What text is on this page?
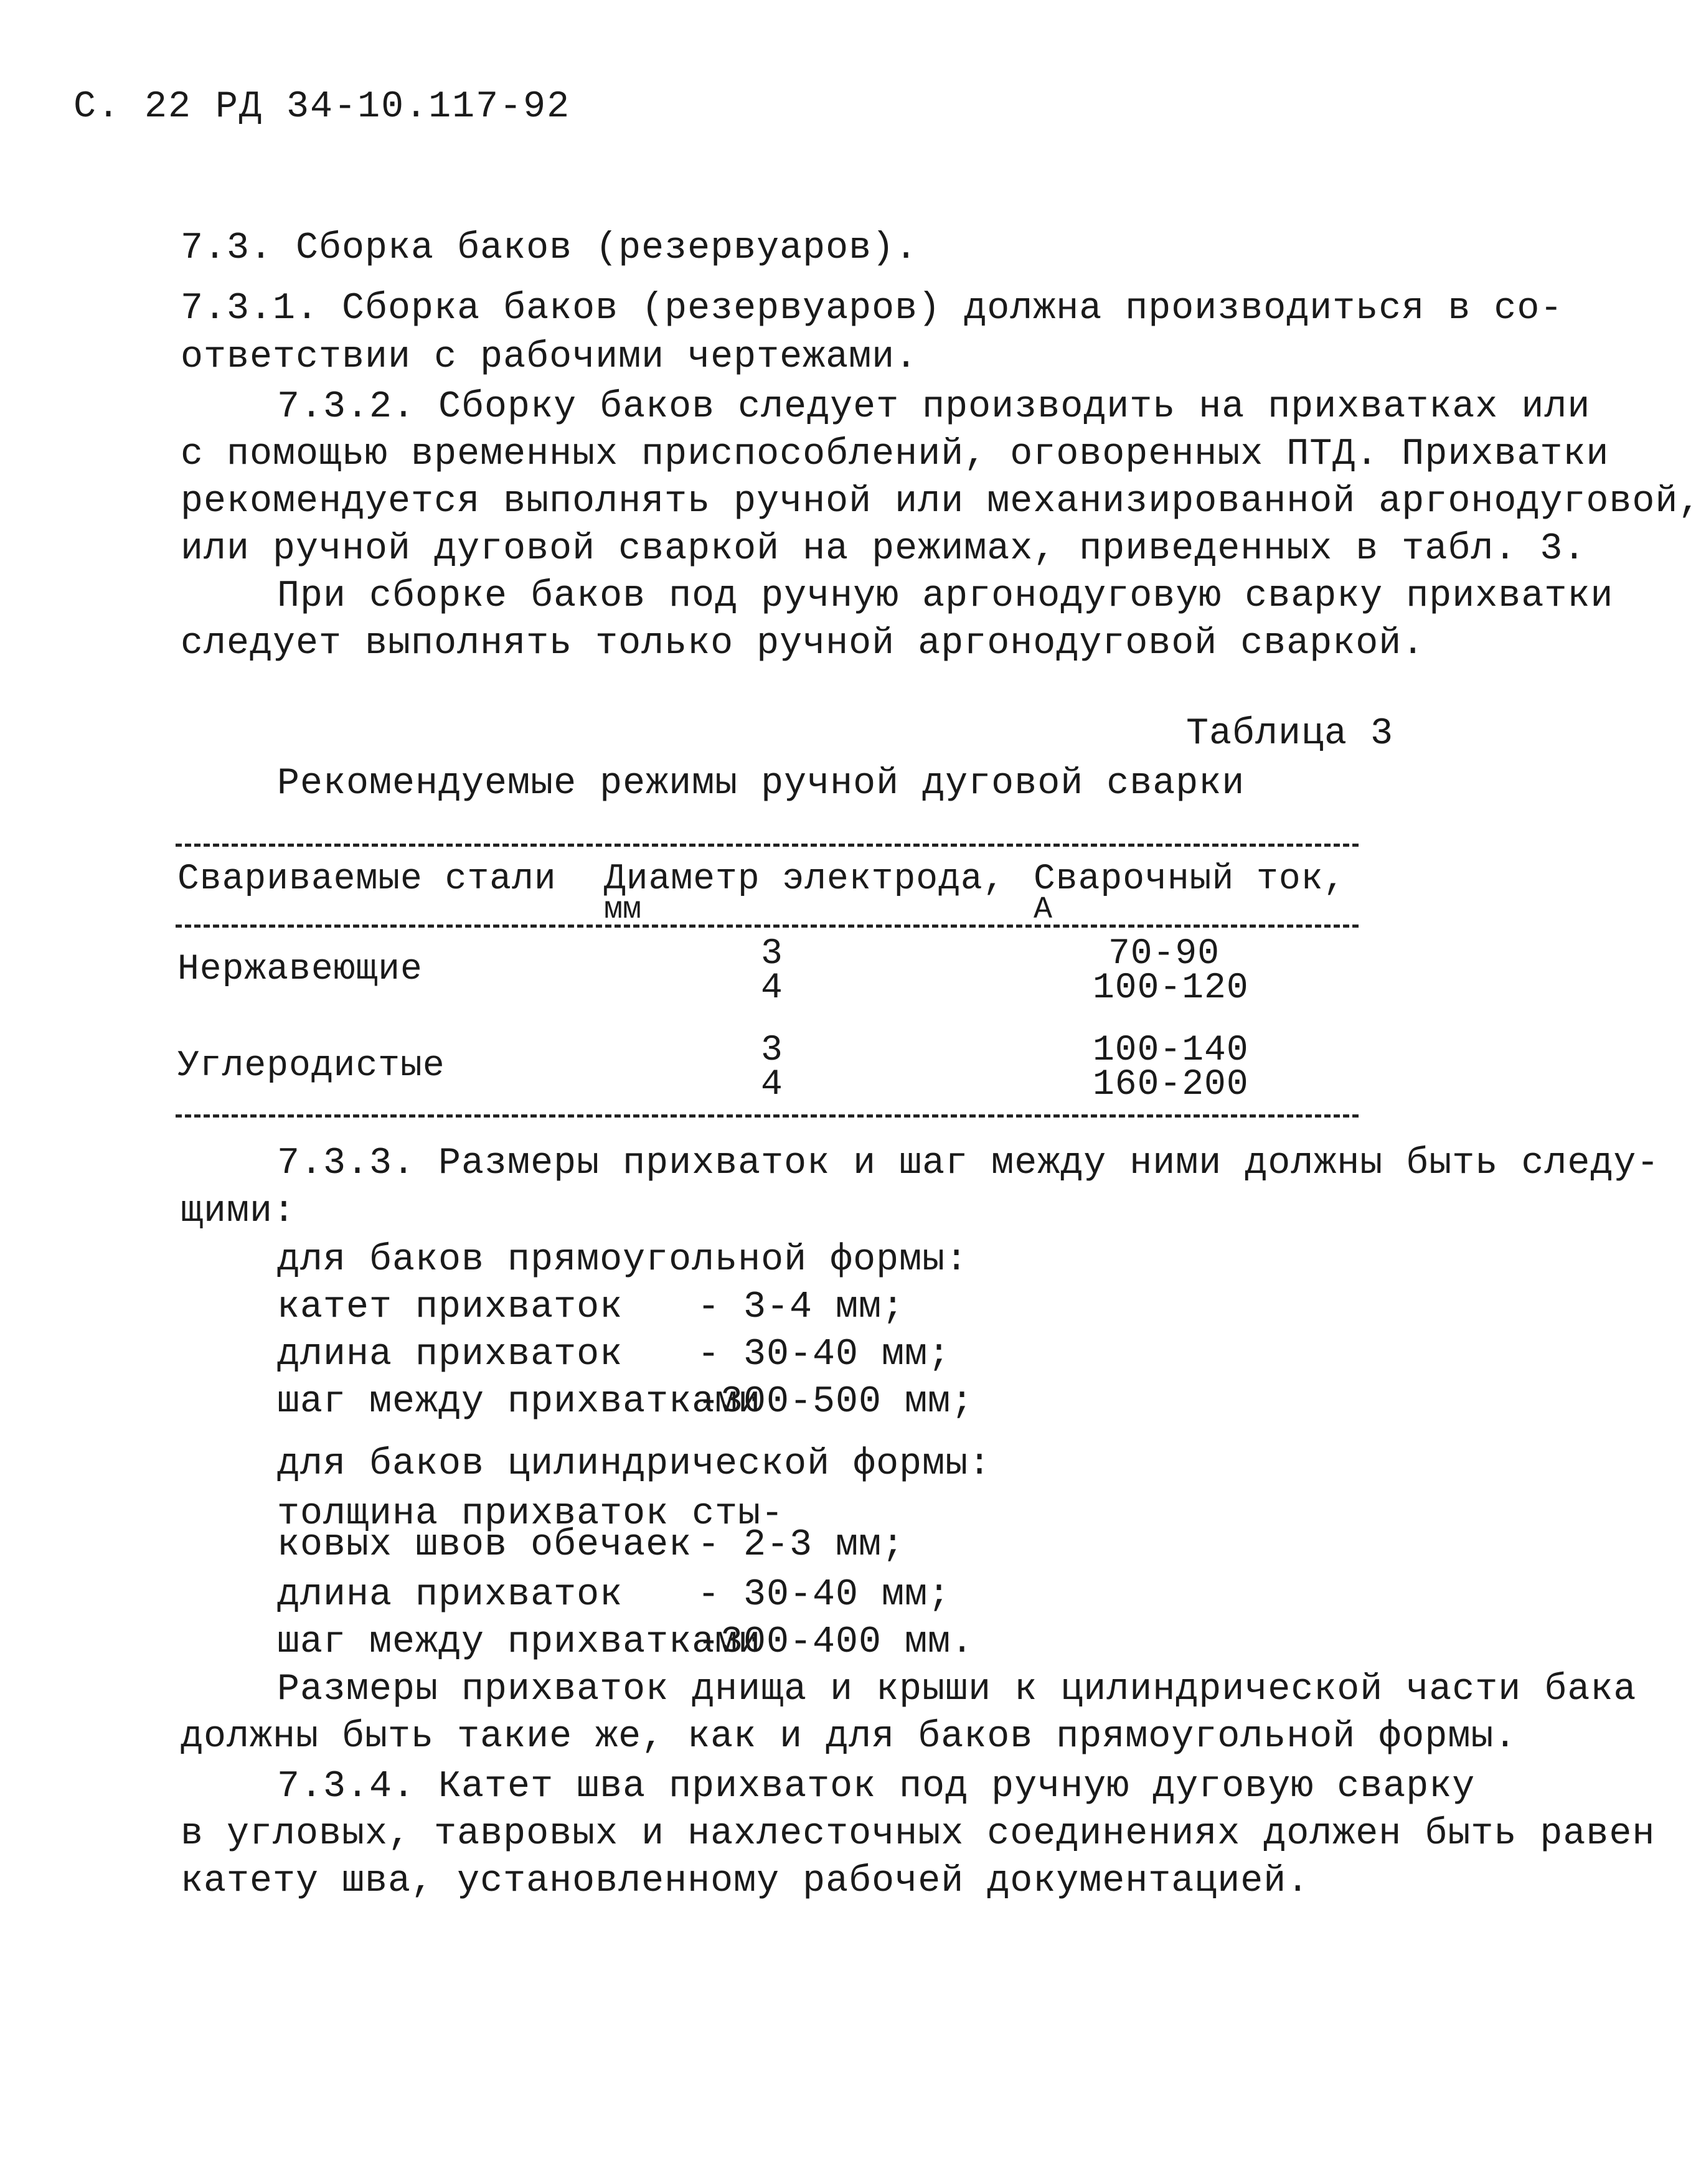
С. 22 РД 34-10.117-92
7.3. Сборка баков (резервуаров).
7.3.1. Сборка баков (резервуаров) должна производиться в со-
ответствии с рабочими чертежами.
7.3.2. Сборку баков следует производить на прихватках или
с помощью временных приспособлений, оговоренных ПТД. Прихватки
рекомендуется выполнять ручной или механизированной аргонодуговой,
или ручной дуговой сваркой на режимах, приведенных в табл. 3.
При сборке баков под ручную аргонодуговую сварку прихватки
следует выполнять только ручной аргонодуговой сваркой.
Таблица 3
Рекомендуемые режимы ручной дуговой сварки
Свариваемые стали Диаметр электрода,
мм
Сварочный ток,
А
Нержавеющие	3
4
70-90
100-120
Углеродистые	3
4
100-140
160-200
7.3.3. Размеры прихваток и шаг между ними должны быть следу-
щими:
для баков прямоугольной формы:
катет прихваток - 3-4 мм;
длина прихваток - 30-40 мм;
шаг между прихватками
-300-500 мм;
для баков цилиндрической формы:
толщина прихваток сты-
ковых швов обечаек - 2-3 мм;
длина прихваток - 30-40 мм;
шаг между прихватками
-300-400 мм.
Размеры прихваток днища и крыши к цилиндрической части бака
должны быть такие же, как и для баков прямоугольной формы.
7.3.4. Катет шва прихваток под ручную дуговую сварку
в угловых, тавровых и нахлесточных соединениях должен быть равен
катету шва, установленному рабочей документацией.
